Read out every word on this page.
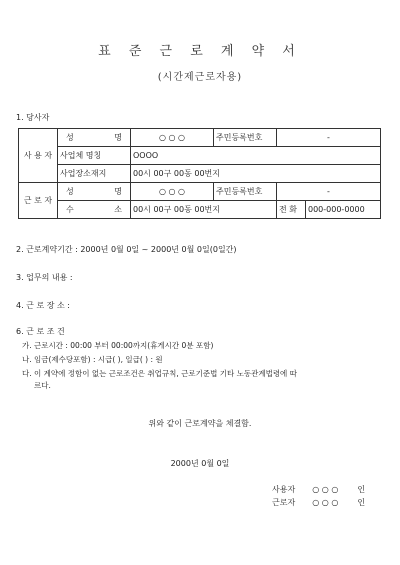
표 준 근 로 계 약 서
(시간제근로자용)
1. 당사자
사 용 자	성 명	○ ○ ○	주민등록번호	-	
	사업체 명칭	OOOO			
	사업장소재지	00시 00구 00동 00번지			
근 로 자	성 명	○ ○ ○	주민등록번호	-	

	수 소	00시 00구 00동 00번지		전 화	000-000-0000
2. 근로계약기간 : 2000년 0월 0일 ~ 2000년 0월 0일(0일간)
3. 업무의 내용 :
4. 근 로 장 소 :
6. 근 로 조 건
가. 근로시간 : 00:00 부터 00:00까지(휴게시간 0분 포함)
나. 임금(제수당포함) : 시급( ), 일급( ) : 원
다. 이 계약에 정함이 없는 근로조건은 취업규칙, 근로기준법 기타 노동관계법령에 따
르다.
위와 같이 근로계약을 체결함.
2000년 0월 0일
사용자 ○ ○ ○ 인
근로자 ○ ○ ○ 인
